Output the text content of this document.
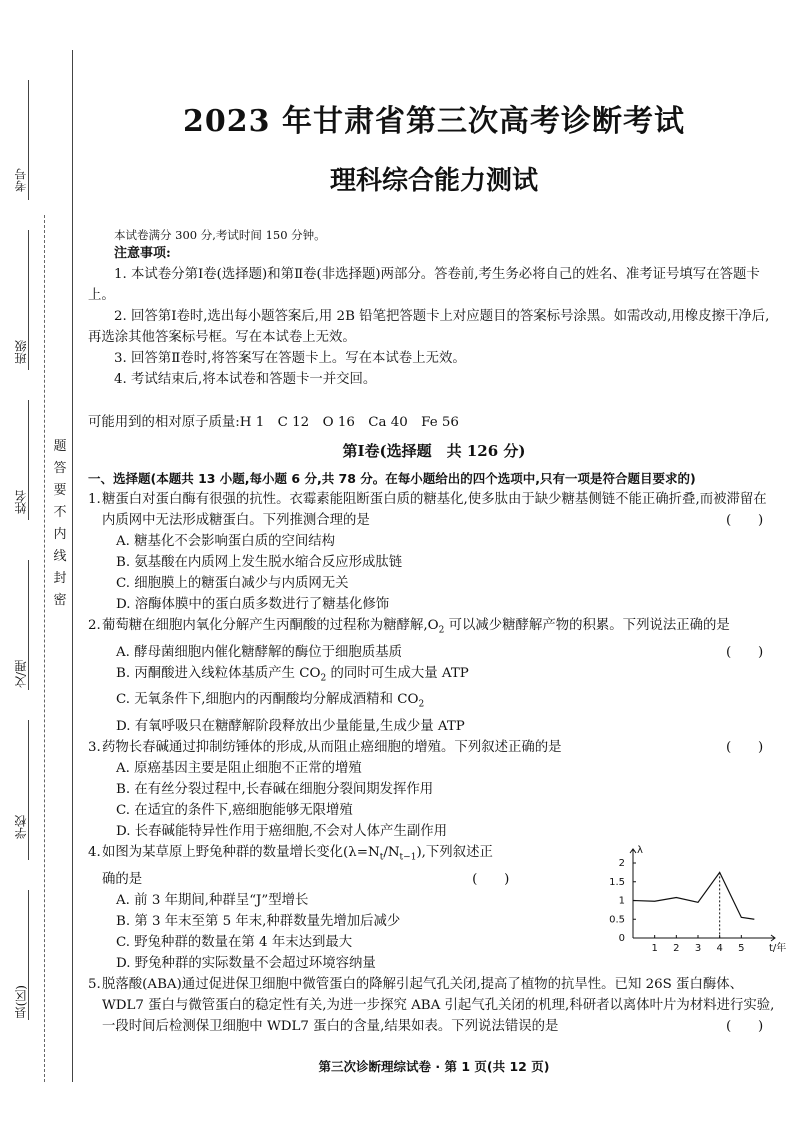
考号
班级
姓名
文/理
学校
县(区)
题
答
要
不
内
线
封
密
2023 年甘肃省第三次高考诊断考试
理科综合能力测试

本试卷满分 300 分,考试时间 150 分钟。

注意事项:

1. 本试卷分第Ⅰ卷(选择题)和第Ⅱ卷(非选择题)两部分。答卷前,考生务必将自己的姓名、准考证号填写在答题卡上。

2. 回答第Ⅰ卷时,选出每小题答案后,用 2B 铅笔把答题卡上对应题目的答案标号涂黑。如需改动,用橡皮擦干净后,再选涂其他答案标号框。写在本试卷上无效。

3. 回答第Ⅱ卷时,将答案写在答题卡上。写在本试卷上无效。

4. 考试结束后,将本试卷和答题卡一并交回。

可能用到的相对原子质量:H 1　C 12　O 16　Ca 40　Fe 56

第Ⅰ卷(选择题　共 126 分)

一、选择题(本题共 13 小题,每小题 6 分,共 78 分。在每小题给出的四个选项中,只有一项是符合题目要求的)

1. 糖蛋白对蛋白酶有很强的抗性。衣霉素能阻断蛋白质的糖基化,使多肽由于缺少糖基侧链不能正确折叠,而被滞留在内质网中无法形成糖蛋白。下列推测合理的是	(　　)

A. 糖基化不会影响蛋白质的空间结构

B. 氨基酸在内质网上发生脱水缩合反应形成肽链

C. 细胞膜上的糖蛋白减少与内质网无关

D. 溶酶体膜中的蛋白质多数进行了糖基化修饰

2. 葡萄糖在细胞内氧化分解产生丙酮酸的过程称为糖酵解$,O_2$ 可以减少糖酵解产物的积累。下列说法正确的是
(　　)

A. 酵母菌细胞内催化糖酵解的酶位于细胞质基质

B. 丙酮酸进入线粒体基质产生 $CO_2$ 的同时可生成大量 ATP

C. 无氧条件下,细胞内的丙酮酸均分解成酒精和 $CO_2$

D. 有氧呼吸只在糖酵解阶段释放出少量能量,生成少量 ATP

3. 药物长春碱通过抑制纺锤体的形成,从而阻止癌细胞的增殖。下列叙述正确的是	(　　)

A. 原癌基因主要是阻止细胞不正常的增殖

B. 在有丝分裂过程中,长春碱在细胞分裂间期发挥作用

C. 在适宜的条件下,癌细胞能够无限增殖

D. 长春碱能特异性作用于癌细胞,不会对人体产生副作用

4. 如图为某草原上野兔种群的数量增长变化$(\lambda=N_t/N_{t-1})$,下列叙述正

确的是	(　　)

A. 前 3 年期间,种群呈“J”型增长

B. 第 3 年末至第 5 年末,种群数量先增加后减少

C. 野兔种群的数量在第 4 年末达到最大

D. 野兔种群的实际数量不会超过环境容纳量

5. 脱落酸(ABA)通过促进保卫细胞中微管蛋白的降解引起气孔关闭,提高了植物的抗旱性。已知 26S 蛋白酶体、WDL7 蛋白与微管蛋白的稳定性有关,为进一步探究 ABA 引起气孔关闭的机理,科研者以离体叶片为材料进行实验,一段时间后检测保卫细胞中 WDL7 蛋白的含量,结果如表。下列说法错误的是	(　　)

λ
t/年
0
0.5
1
1.5
2
1 2 3 4 5
第三次诊断理综试卷 · 第 1 页(共 12 页)
